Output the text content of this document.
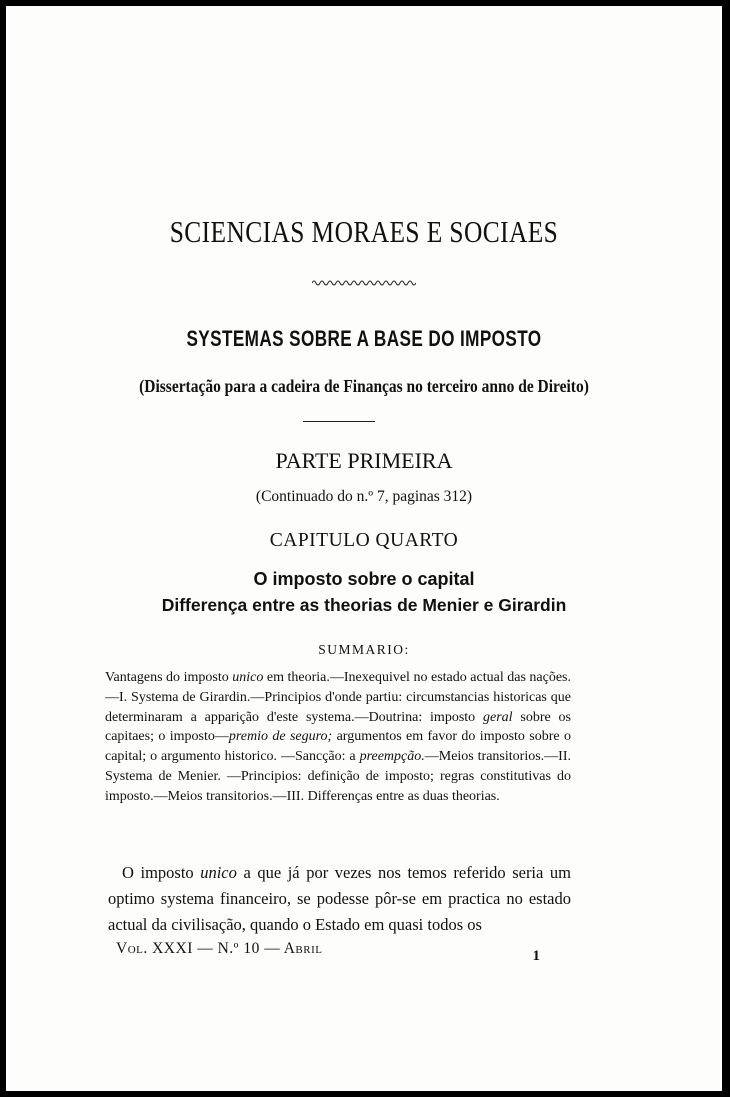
SCIENCIAS MORAES E SOCIAES
SYSTEMAS SOBRE A BASE DO IMPOSTO
(Dissertação para a cadeira de Finanças no terceiro anno de Direito)
PARTE PRIMEIRA
(Continuado do n.º 7, paginas 312)
CAPITULO QUARTO
O imposto sobre o capital
Differença entre as theorias de Menier e Girardin
SUMMARIO:
Vantagens do imposto unico em theoria.—Inexequivel no estado actual das nações.—I. Systema de Girardin.—Principios d'onde partiu: circumstancias historicas que determinaram a apparição d'este systema.—Doutrina: imposto geral sobre os capitaes; o imposto—premio de seguro; argumentos em favor do imposto sobre o capital; o argumento historico. —Sancção: a preempção.—Meios transitorios.—II. Systema de Menier. —Principios: definição de imposto; regras constitutivas do imposto.—Meios transitorios.—III. Differenças entre as duas theorias.

O imposto unico a que já por vezes nos temos referido seria um optimo systema financeiro, se podesse pôr-se em practica no estado actual da civilisação, quando o Estado em quasi todos os

Vol. XXXI — N.º 10 — Abril	1
